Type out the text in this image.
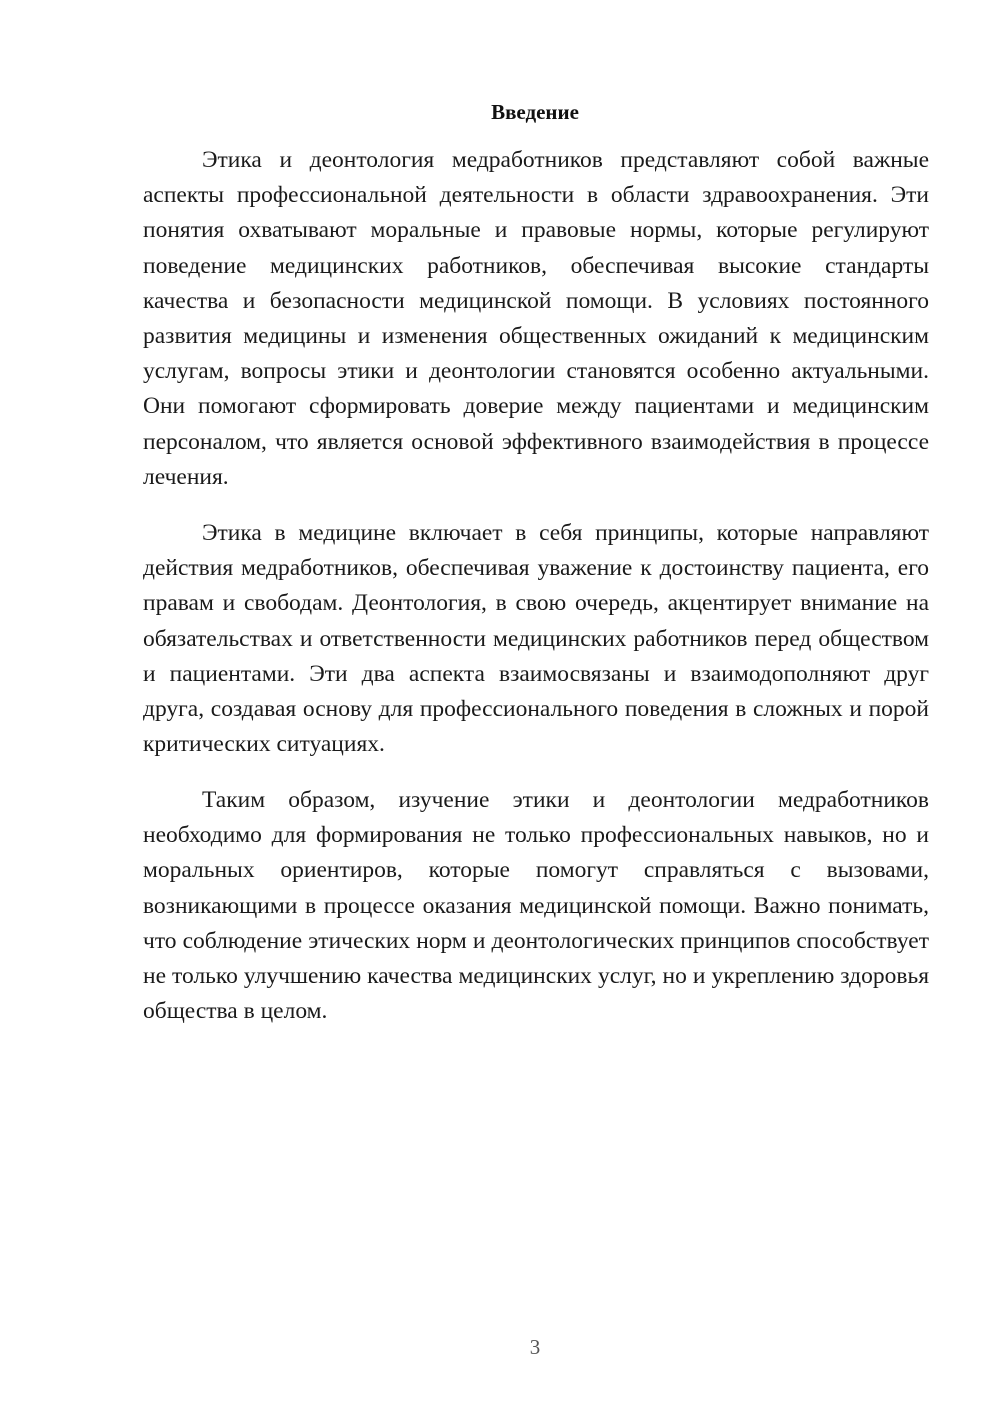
Введение

Этика и деонтология медработников представляют собой важные аспекты профессиональной деятельности в области здравоохранения. Эти понятия охватывают моральные и правовые нормы, которые регулируют поведение медицинских работников, обеспечивая высокие стандарты качества и безопасности медицинской помощи. В условиях постоянного развития медицины и изменения общественных ожиданий к медицинским услугам, вопросы этики и деонтологии становятся особенно актуальными. Они помогают сформировать доверие между пациентами и медицинским персоналом, что является основой эффективного взаимодействия в процессе лечения.

Этика в медицине включает в себя принципы, которые направляют действия медработников, обеспечивая уважение к достоинству пациента, его правам и свободам. Деонтология, в свою очередь, акцентирует внимание на обязательствах и ответственности медицинских работников перед обществом и пациентами. Эти два аспекта взаимосвязаны и взаимодополняют друг друга, создавая основу для профессионального поведения в сложных и порой критических ситуациях.

Таким образом, изучение этики и деонтологии медработников необходимо для формирования не только профессиональных навыков, но и моральных ориентиров, которые помогут справляться с вызовами, возникающими в процессе оказания медицинской помощи. Важно понимать, что соблюдение этических норм и деонтологических принципов способствует не только улучшению качества медицинских услуг, но и укреплению здоровья общества в целом.

3
